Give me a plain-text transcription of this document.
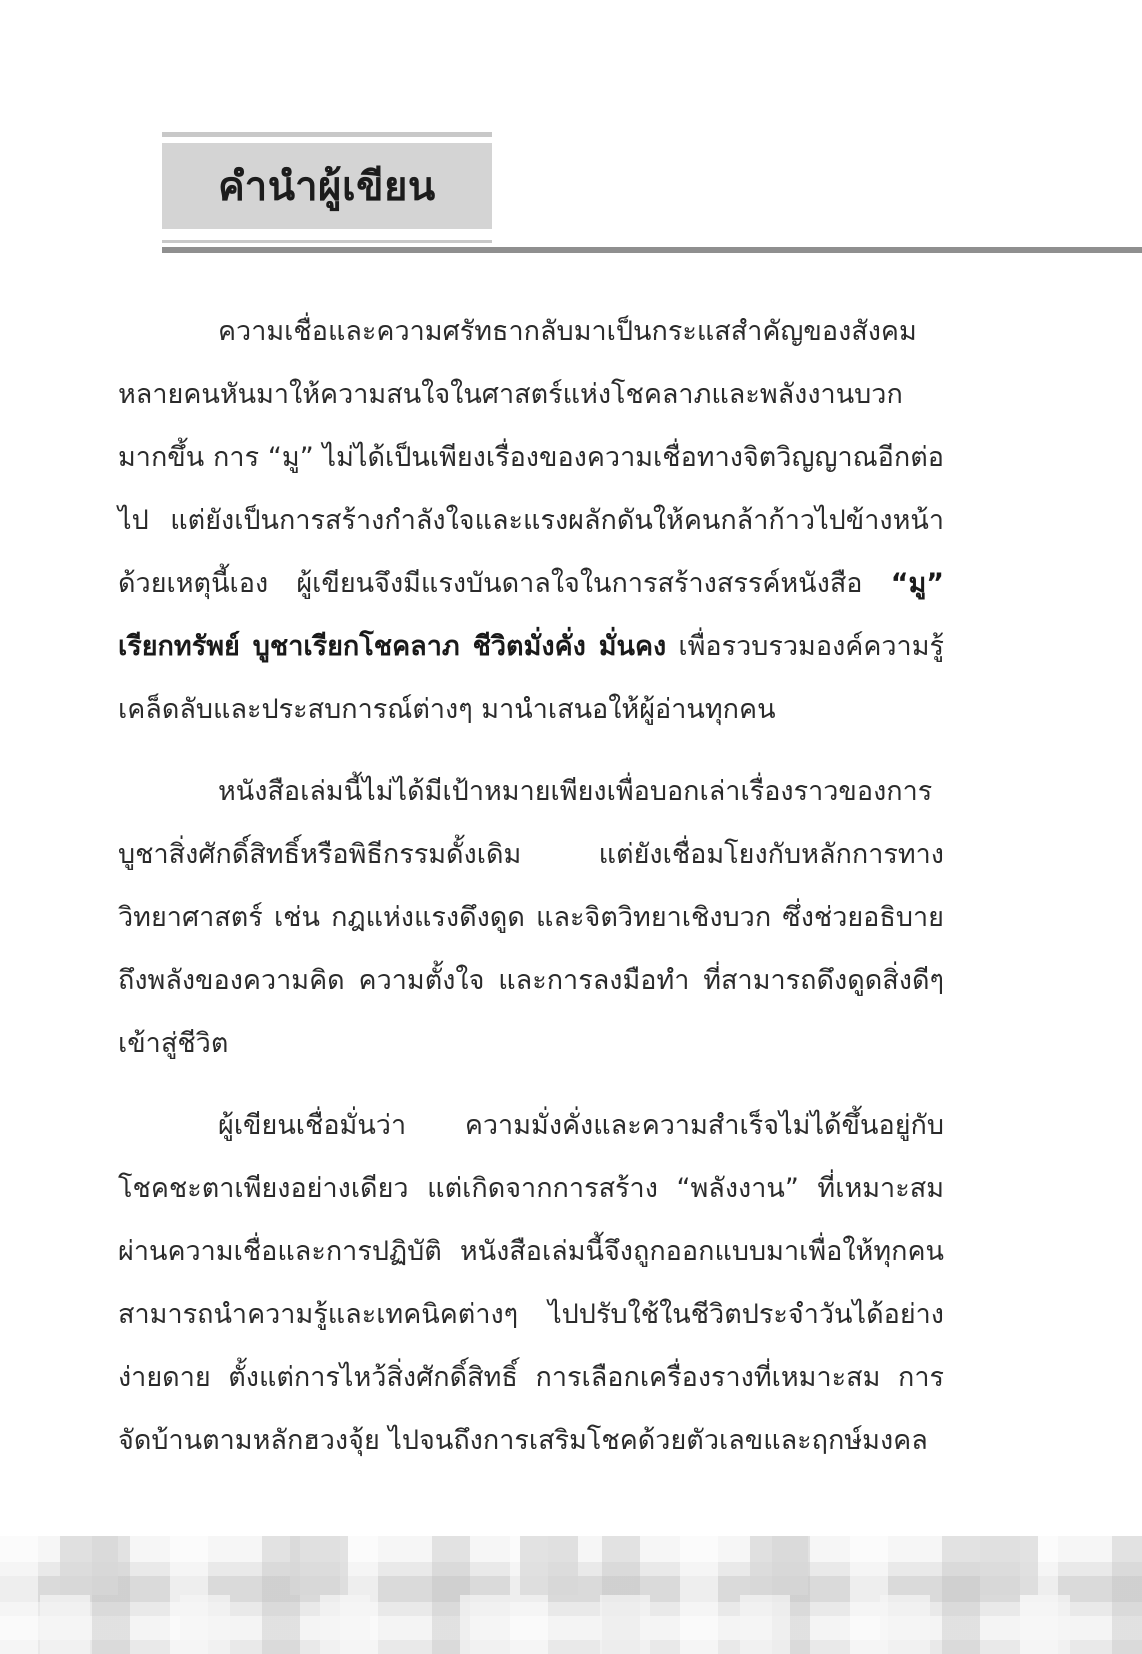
คำนำผู้เขียน

ความเชื่อและความศรัทธากลับมาเป็นกระแสสำคัญของสังคม หลายคนหันมาให้ความสนใจในศาสตร์แห่งโชคลาภและพลังงานบวกมากขึ้น การ “มู” ไม่ได้เป็นเพียงเรื่องของความเชื่อทางจิตวิญญาณอีกต่อไป แต่ยังเป็นการสร้างกำลังใจและแรงผลักดันให้คนกล้าก้าวไปข้างหน้า ด้วยเหตุนี้เอง ผู้เขียนจึงมีแรงบันดาลใจในการสร้างสรรค์หนังสือ “มู” เรียกทรัพย์ บูชาเรียกโชคลาภ ชีวิตมั่งคั่ง มั่นคง เพื่อรวบรวมองค์ความรู้ เคล็ดลับและประสบการณ์ต่างๆ มานำเสนอให้ผู้อ่านทุกคน

หนังสือเล่มนี้ไม่ได้มีเป้าหมายเพียงเพื่อบอกเล่าเรื่องราวของการบูชาสิ่งศักดิ์สิทธิ์หรือพิธีกรรมดั้งเดิม แต่ยังเชื่อมโยงกับหลักการทางวิทยาศาสตร์ เช่น กฎแห่งแรงดึงดูด และจิตวิทยาเชิงบวก ซึ่งช่วยอธิบายถึงพลังของความคิด ความตั้งใจ และการลงมือทำ ที่สามารถดึงดูดสิ่งดีๆ เข้าสู่ชีวิต

ผู้เขียนเชื่อมั่นว่า ความมั่งคั่งและความสำเร็จไม่ได้ขึ้นอยู่กับโชคชะตาเพียงอย่างเดียว แต่เกิดจากการสร้าง “พลังงาน” ที่เหมาะสมผ่านความเชื่อและการปฏิบัติ หนังสือเล่มนี้จึงถูกออกแบบมาเพื่อให้ทุกคนสามารถนำความรู้และเทคนิคต่างๆ ไปปรับใช้ในชีวิตประจำวันได้อย่างง่ายดาย ตั้งแต่การไหว้สิ่งศักดิ์สิทธิ์ การเลือกเครื่องรางที่เหมาะสม การจัดบ้านตามหลักฮวงจุ้ย ไปจนถึงการเสริมโชคด้วยตัวเลขและฤกษ์มงคล
